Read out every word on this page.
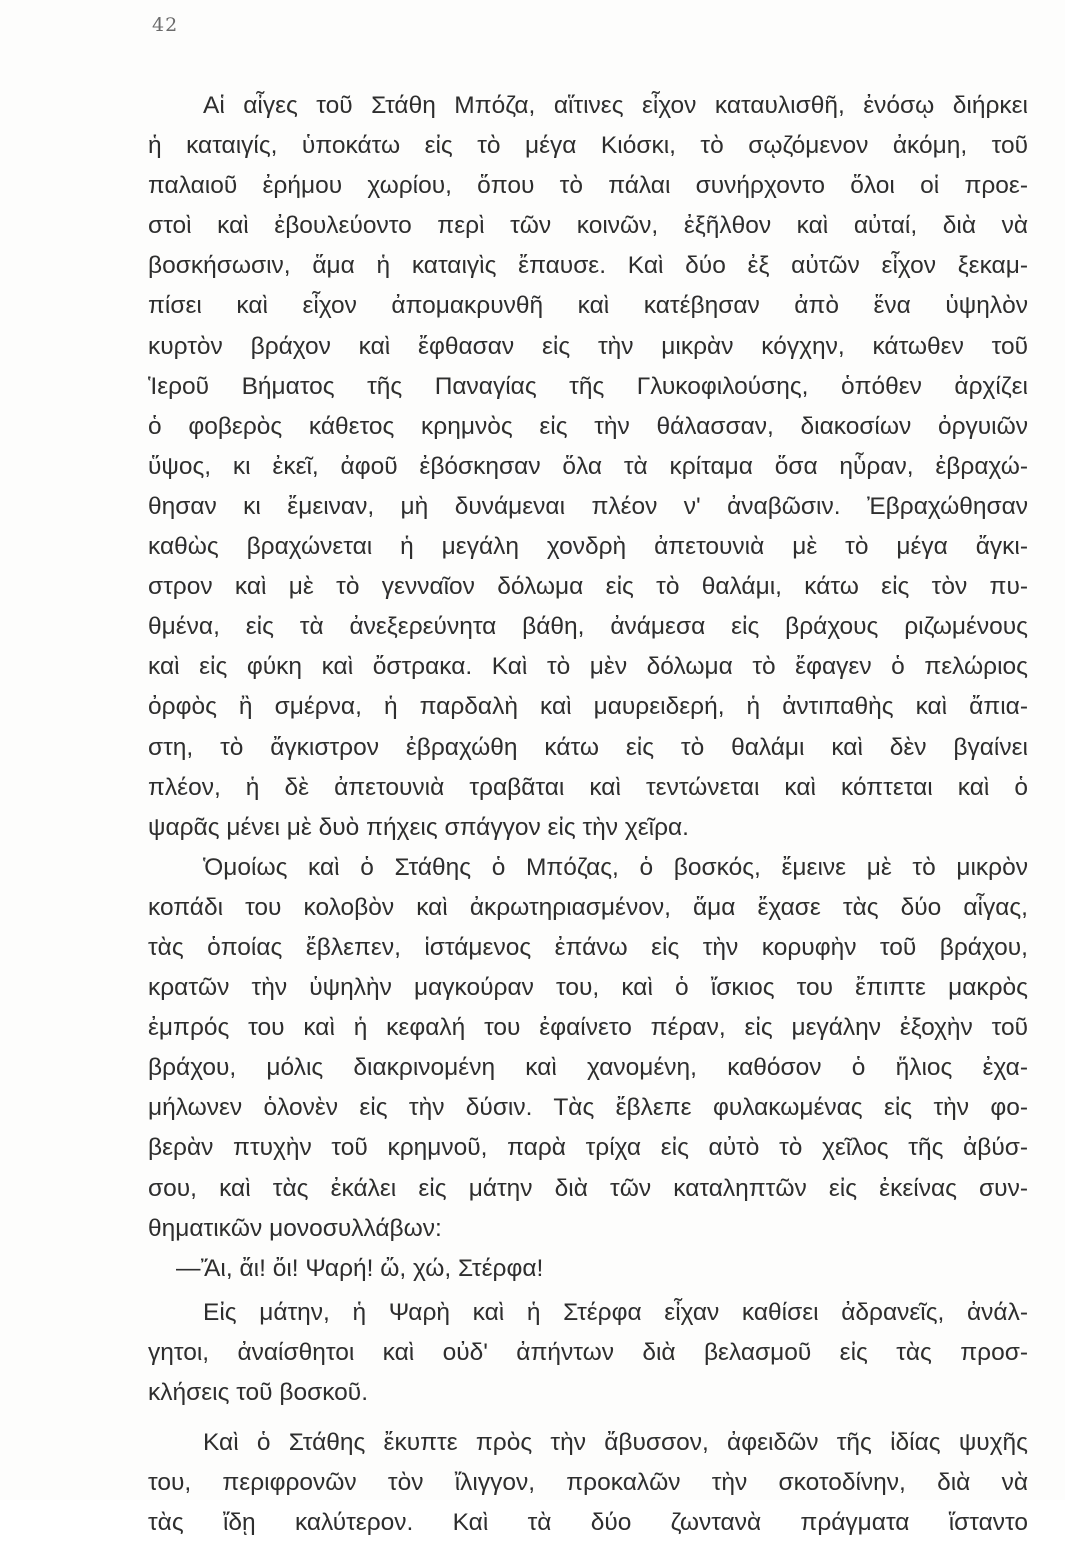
42
Αἱ αἶγες τοῦ Στάθη Μπόζα, αἵτινες εἶχον καταυλισθῆ, ἐνόσῳ διήρκει
ἡ καταιγίς, ὑποκάτω εἰς τὸ μέγα Κιόσκι, τὸ σῳζόμενον ἀκόμη, τοῦ
παλαιοῦ ἐρήμου χωρίου, ὅπου τὸ πάλαι συνήρχοντο ὅλοι οἱ προε-
στοὶ καὶ ἐβουλεύοντο περὶ τῶν κοινῶν, ἐξῆλθον καὶ αὐταί, διὰ νὰ
βοσκήσωσιν, ἅμα ἡ καταιγὶς ἔπαυσε. Καὶ δύο ἐξ αὐτῶν εἶχον ξεκαμ-
πίσει καὶ εἶχον ἀπομακρυνθῆ καὶ κατέβησαν ἀπὸ ἕνα ὑψηλὸν
κυρτὸν βράχον καὶ ἔφθασαν εἰς τὴν μικρὰν κόγχην, κάτωθεν τοῦ
Ἱεροῦ Βήματος τῆς Παναγίας τῆς Γλυκοφιλούσης, ὁπόθεν ἀρχίζει
ὁ φοβερὸς κάθετος κρημνὸς εἰς τὴν θάλασσαν, διακοσίων ὀργυιῶν
ὕψος, κι ἐκεῖ, ἀφοῦ ἐβόσκησαν ὅλα τὰ κρίταμα ὅσα ηὗραν, ἐβραχώ-
θησαν κι ἔμειναν, μὴ δυνάμεναι πλέον ν' ἀναβῶσιν. Ἐβραχώθησαν
καθὼς βραχώνεται ἡ μεγάλη χονδρὴ ἀπετουνιὰ μὲ τὸ μέγα ἄγκι-
στρον καὶ μὲ τὸ γενναῖον δόλωμα εἰς τὸ θαλάμι, κάτω εἰς τὸν πυ-
θμένα, εἰς τὰ ἀνεξερεύνητα βάθη, ἀνάμεσα εἰς βράχους ριζωμένους
καὶ εἰς φύκη καὶ ὄστρακα. Καὶ τὸ μὲν δόλωμα τὸ ἔφαγεν ὁ πελώριος
ὀρφὸς ἢ σμέρνα, ἡ παρδαλὴ καὶ μαυρειδερή, ἡ ἀντιπαθὴς καὶ ἄπια-
στη, τὸ ἄγκιστρον ἐβραχώθη κάτω εἰς τὸ θαλάμι καὶ δὲν βγαίνει
πλέον, ἡ δὲ ἀπετουνιὰ τραβᾶται καὶ τεντώνεται καὶ κόπτεται καὶ ὁ
ψαρᾶς μένει μὲ δυὸ πήχεις σπάγγον εἰς τὴν χεῖρα.
Ὁμοίως καὶ ὁ Στάθης ὁ Μπόζας, ὁ βοσκός, ἔμεινε μὲ τὸ μικρὸν
κοπάδι του κολοβὸν καὶ ἀκρωτηριασμένον, ἅμα ἔχασε τὰς δύο αἶγας,
τὰς ὁποίας ἔβλεπεν, ἱστάμενος ἐπάνω εἰς τὴν κορυφὴν τοῦ βράχου,
κρατῶν τὴν ὑψηλὴν μαγκούραν του, καὶ ὁ ἴσκιος του ἔπιπτε μακρὸς
ἐμπρός του καὶ ἡ κεφαλή του ἐφαίνετο πέραν, εἰς μεγάλην ἐξοχὴν τοῦ
βράχου, μόλις διακρινομένη καὶ χανομένη, καθόσον ὁ ἥλιος ἐχα-
μήλωνεν ὁλονὲν εἰς τὴν δύσιν. Τὰς ἔβλεπε φυλακωμένας εἰς τὴν φο-
βερὰν πτυχὴν τοῦ κρημνοῦ, παρὰ τρίχα εἰς αὐτὸ τὸ χεῖλος τῆς ἀβύσ-
σου, καὶ τὰς ἐκάλει εἰς μάτην διὰ τῶν καταληπτῶν εἰς ἐκείνας συν-
θηματικῶν μονοσυλλάβων:
—Ἄι, ἄι! ὄι! Ψαρή! ὤ, χώ, Στέρφα!
Εἰς μάτην, ἡ Ψαρὴ καὶ ἡ Στέρφα εἶχαν καθίσει ἀδρανεῖς, ἀνάλ-
γητοι, ἀναίσθητοι καὶ οὐδ' ἀπήντων διὰ βελασμοῦ εἰς τὰς προσ-
κλήσεις τοῦ βοσκοῦ.
Καὶ ὁ Στάθης ἔκυπτε πρὸς τὴν ἄβυσσον, ἀφειδῶν τῆς ἰδίας ψυχῆς
του, περιφρονῶν τὸν ἴλιγγον, προκαλῶν τὴν σκοτοδίνην, διὰ νὰ
τὰς ἴδῃ καλύτερον. Καὶ τὰ δύο ζωντανὰ πράγματα ἵσταντο
